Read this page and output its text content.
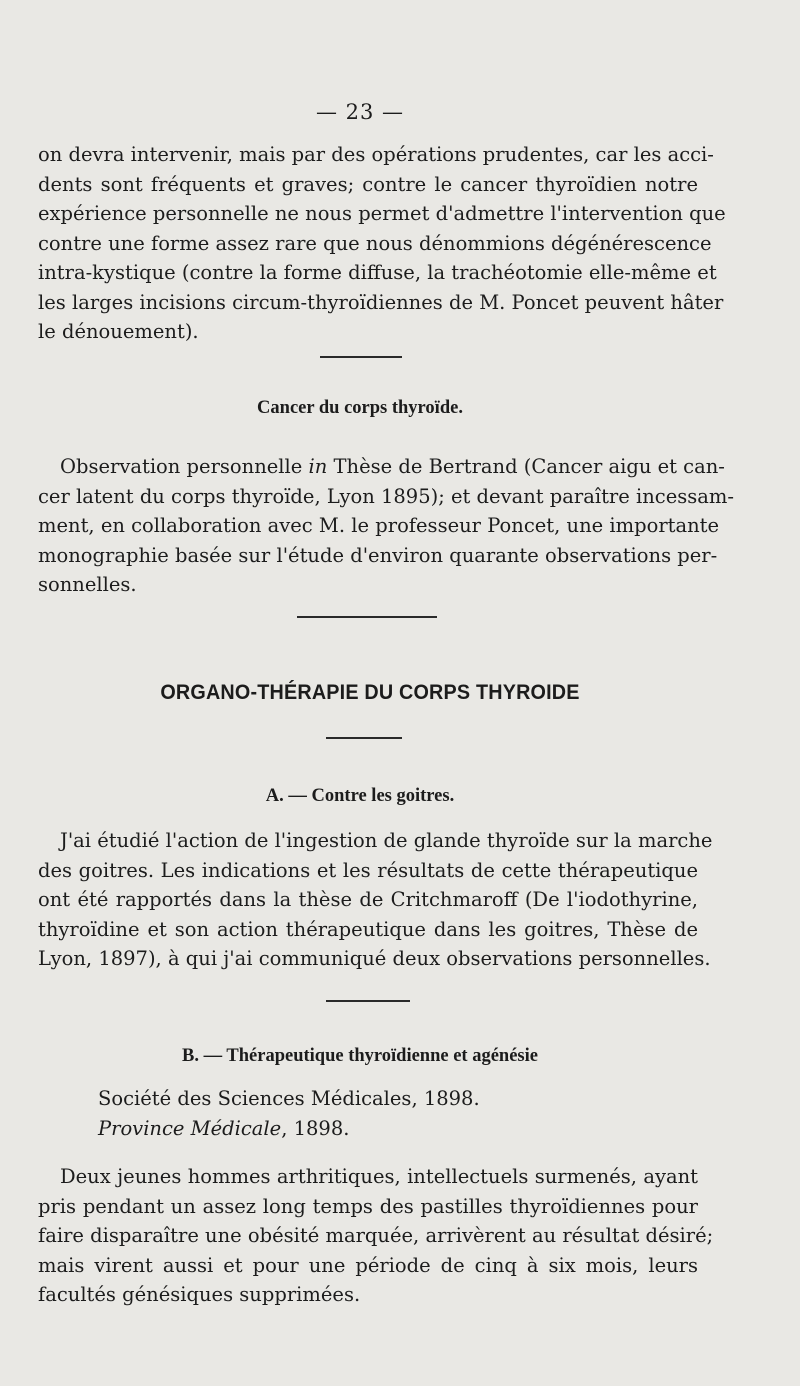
— 23 —
on devra intervenir, mais par des opérations prudentes, car les acci-
dents sont fréquents et graves; contre le cancer thyroïdien notre
expérience personnelle ne nous permet d'admettre l'intervention que
contre une forme assez rare que nous dénommions dégénérescence
intra-kystique (contre la forme diffuse, la trachéotomie elle-même et
les larges incisions circum-thyroïdiennes de M. Poncet peuvent hâter
le dénouement).
Cancer du corps thyroïde.
Observation personnelle in Thèse de Bertrand (Cancer aigu et can-
cer latent du corps thyroïde, Lyon 1895); et devant paraître incessam-
ment, en collaboration avec M. le professeur Poncet, une importante
monographie basée sur l'étude d'environ quarante observations per-
sonnelles.
ORGANO-THÉRAPIE DU CORPS THYROIDE
A. — Contre les goitres.
J'ai étudié l'action de l'ingestion de glande thyroïde sur la marche
des goitres. Les indications et les résultats de cette thérapeutique
ont été rapportés dans la thèse de Critchmaroff (De l'iodothyrine,
thyroïdine et son action thérapeutique dans les goitres, Thèse de
Lyon, 1897), à qui j'ai communiqué deux observations personnelles.
B. — Thérapeutique thyroïdienne et agénésie
Société des Sciences Médicales, 1898.
Province Médicale, 1898.
Deux jeunes hommes arthritiques, intellectuels surmenés, ayant
pris pendant un assez long temps des pastilles thyroïdiennes pour
faire disparaître une obésité marquée, arrivèrent au résultat désiré;
mais virent aussi et pour une période de cinq à six mois, leurs
facultés génésiques supprimées.
